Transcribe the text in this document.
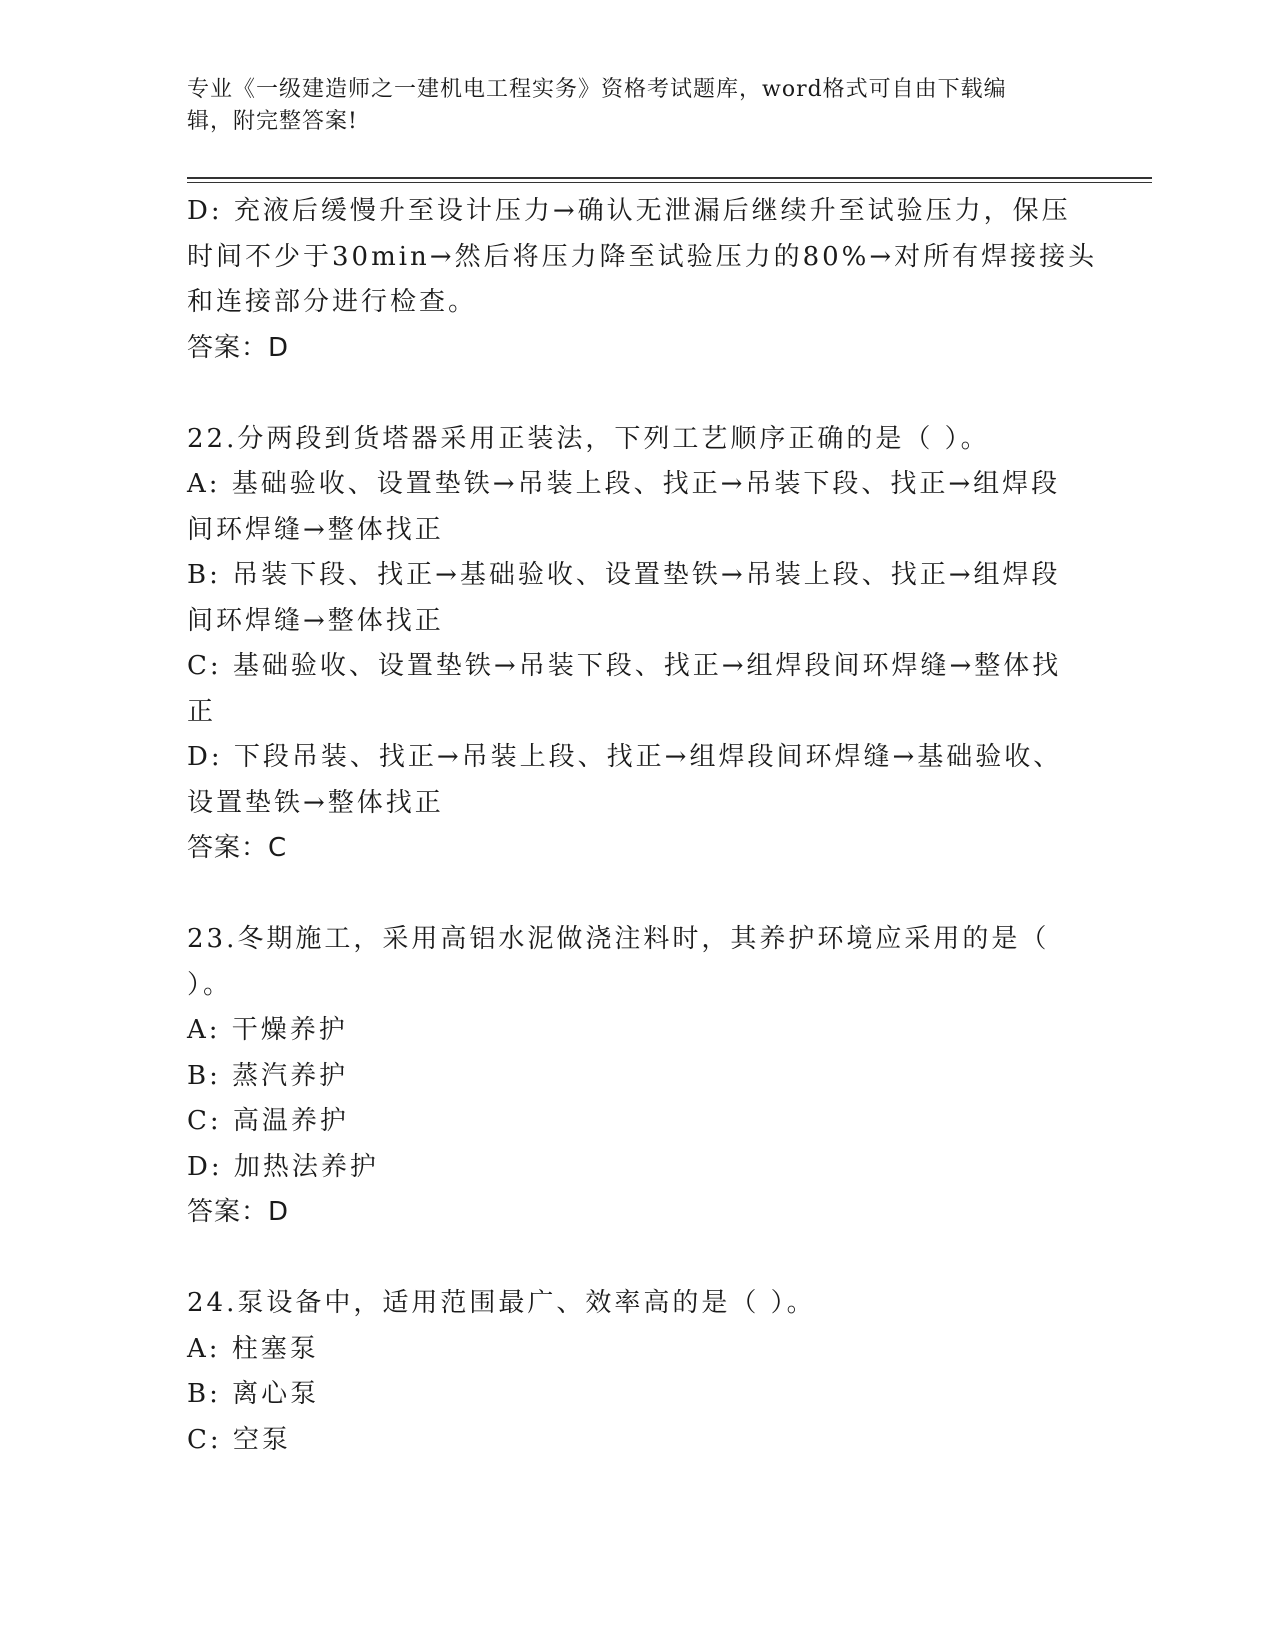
专业《一级建造师之一建机电工程实务》资格考试题库，word格式可自由下载编
辑，附完整答案!
D: 充液后缓慢升至设计压力→确认无泄漏后继续升至试验压力，保压
时间不少于30min→然后将压力降至试验压力的80%→对所有焊接接头
和连接部分进行检查。
答案：D
22.分两段到货塔器采用正装法，下列工艺顺序正确的是（ ）。
A: 基础验收、设置垫铁→吊装上段、找正→吊装下段、找正→组焊段
间环焊缝→整体找正
B: 吊装下段、找正→基础验收、设置垫铁→吊装上段、找正→组焊段
间环焊缝→整体找正
C: 基础验收、设置垫铁→吊装下段、找正→组焊段间环焊缝→整体找
正
D: 下段吊装、找正→吊装上段、找正→组焊段间环焊缝→基础验收、
设置垫铁→整体找正
答案：C
23.冬期施工，采用高铝水泥做浇注料时，其养护环境应采用的是（
）。
A: 干燥养护
B: 蒸汽养护
C: 高温养护
D: 加热法养护
答案：D
24.泵设备中，适用范围最广、效率高的是（ ）。
A: 柱塞泵
B: 离心泵
C: 空泵
